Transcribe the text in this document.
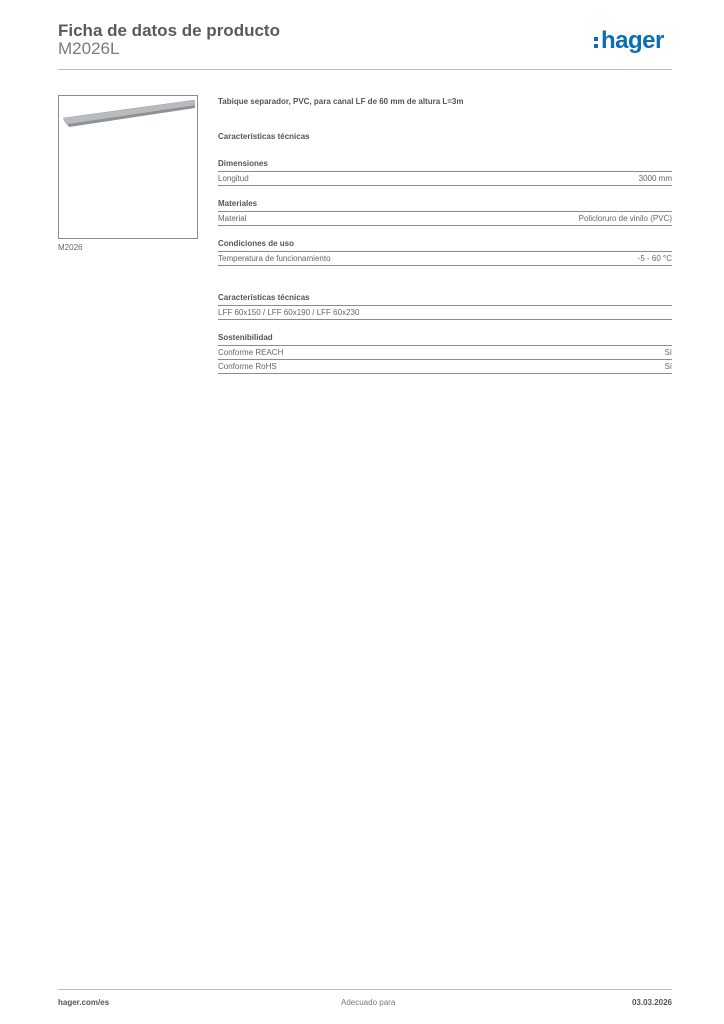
Ficha de datos de producto
M2026L	hager
M2026
Tabique separador, PVC, para canal LF de 60 mm de altura L=3m
Características técnicas
Dimensiones
Longitud	3000 mm
Materiales
Material	Policloruro de vinilo (PVC)
Condiciones de uso
Temperatura de funcionamiento	-5 - 60 °C
Características técnicas
LFF 60x150 / LFF 60x190 / LFF 60x230
Sostenibilidad
Conforme REACH	Sí
Conforme RoHS	Sí
hager.com/es	Adecuado para	03.03.2026
